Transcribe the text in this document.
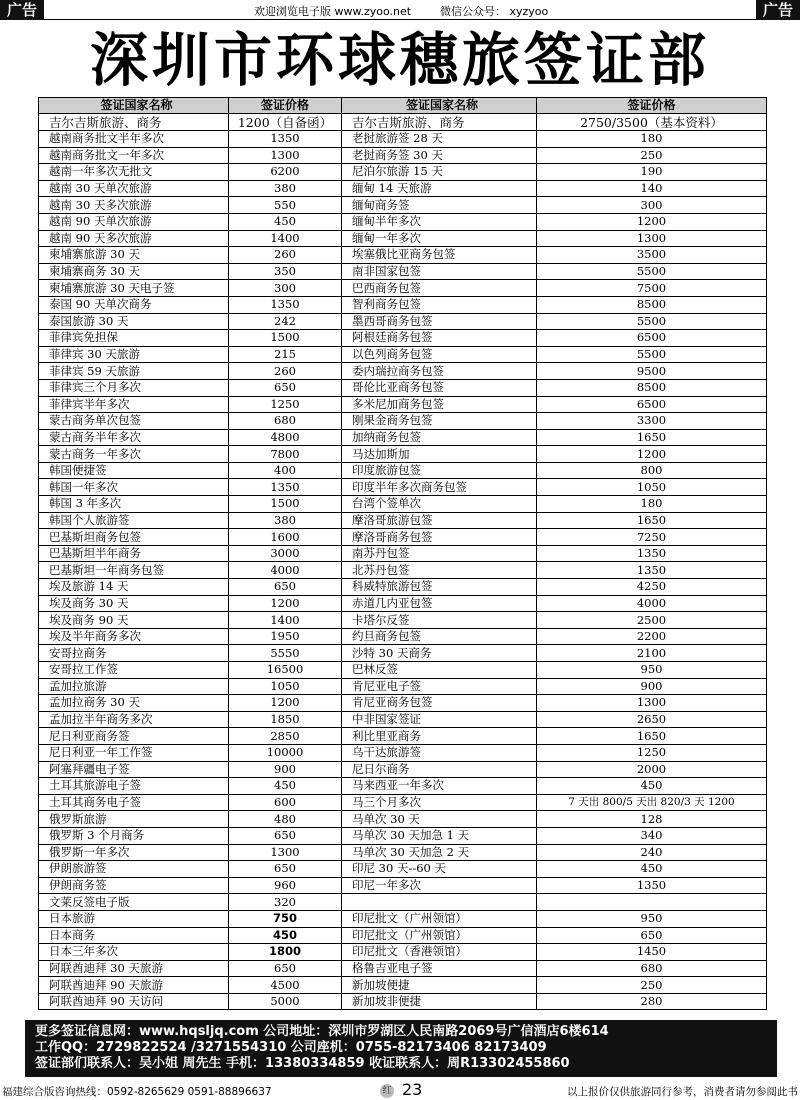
广告	欢迎浏览电子版 www.zyoo.net	微信公众号： xyzyoo	广告
深圳市环球穗旅签证部
签证国家名称	签证价格	签证国家名称	签证价格
吉尔吉斯旅游、商务	1200（自备函）	吉尔吉斯旅游、商务	2750/3500（基本资料）
越南商务批文半年多次	1350	老挝旅游签 28 天	180
越南商务批文一年多次	1300	老挝商务签 30 天	250
越南一年多次无批文	6200	尼泊尔旅游 15 天	190
越南 30 天单次旅游	380	缅甸 14 天旅游	140
越南 30 天多次旅游	550	缅甸商务签	300
越南 90 天单次旅游	450	缅甸半年多次	1200
越南 90 天多次旅游	1400	缅甸一年多次	1300
柬埔寨旅游 30 天	260	埃塞俄比亚商务包签	3500
柬埔寨商务 30 天	350	南非国家包签	5500
柬埔寨旅游 30 天电子签	300	巴西商务包签	7500
泰国 90 天单次商务	1350	智利商务包签	8500
泰国旅游 30 天	242	墨西哥商务包签	5500
菲律宾免担保	1500	阿根廷商务包签	6500
菲律宾 30 天旅游	215	以色列商务包签	5500
菲律宾 59 天旅游	260	委内瑞拉商务包签	9500
菲律宾三个月多次	650	哥伦比亚商务包签	8500
菲律宾半年多次	1250	多米尼加商务包签	6500
蒙古商务单次包签	680	刚果金商务包签	3300
蒙古商务半年多次	4800	加纳商务包签	1650
蒙古商务一年多次	7800	马达加斯加	1200
韩国便捷签	400	印度旅游包签	800
韩国一年多次	1350	印度半年多次商务包签	1050
韩国 3 年多次	1500	台湾个签单次	180
韩国个人旅游签	380	摩洛哥旅游包签	1650
巴基斯坦商务包签	1600	摩洛哥商务包签	7250
巴基斯坦半年商务	3000	南苏丹包签	1350
巴基斯坦一年商务包签	4000	北苏丹包签	1350
埃及旅游 14 天	650	科威特旅游包签	4250
埃及商务 30 天	1200	赤道几内亚包签	4000
埃及商务 90 天	1400	卡塔尔反签	2500
埃及半年商务多次	1950	约旦商务包签	2200
安哥拉商务	5550	沙特 30 天商务	2100
安哥拉工作签	16500	巴林反签	950
孟加拉旅游	1050	肯尼亚电子签	900
孟加拉商务 30 天	1200	肯尼亚商务包签	1300
孟加拉半年商务多次	1850	中非国家签证	2650
尼日利亚商务签	2850	利比里亚商务	1650
尼日利亚一年工作签	10000	乌干达旅游签	1250
阿塞拜疆电子签	900	尼日尔商务	2000
土耳其旅游电子签	450	马来西亚一年多次	450
土耳其商务电子签	600	马三个月多次	7 天出 800/5 天出 820/3 天 1200
俄罗斯旅游	480	马单次 30 天	128
俄罗斯 3 个月商务	650	马单次 30 天加急 1 天	340
俄罗斯一年多次	1300	马单次 30 天加急 2 天	240
伊朗旅游签	650	印尼 30 天--60 天	450
伊朗商务签	960	印尼一年多次	1350
文莱反签电子版	320		
日本旅游	750	印尼批文（广州领馆）	950
日本商务	450	印尼批文（广州领馆）	650
日本三年多次	1800	印尼批文（香港领馆）	1450
阿联酋迪拜 30 天旅游	650	格鲁吉亚电子签	680
阿联酋迪拜 90 天旅游	4500	新加坡便捷	250
阿联酋迪拜 90 天访问	5000	新加坡非便捷	280
更多签证信息网：www.hqsljq.com 公司地址：深圳市罗湖区人民南路2069号广信酒店6楼614
工作QQ：2729822524 /3271554310 公司座机：0755-82173406 82173409
签证部们联系人：吴小姐 周先生 手机：13380334859 收证联系人：周R13302455860
福建综合版咨询热线：0592-8265629 0591-88896637	红 23	以上报价仅供旅游同行参考，消费者请勿参阅此书
